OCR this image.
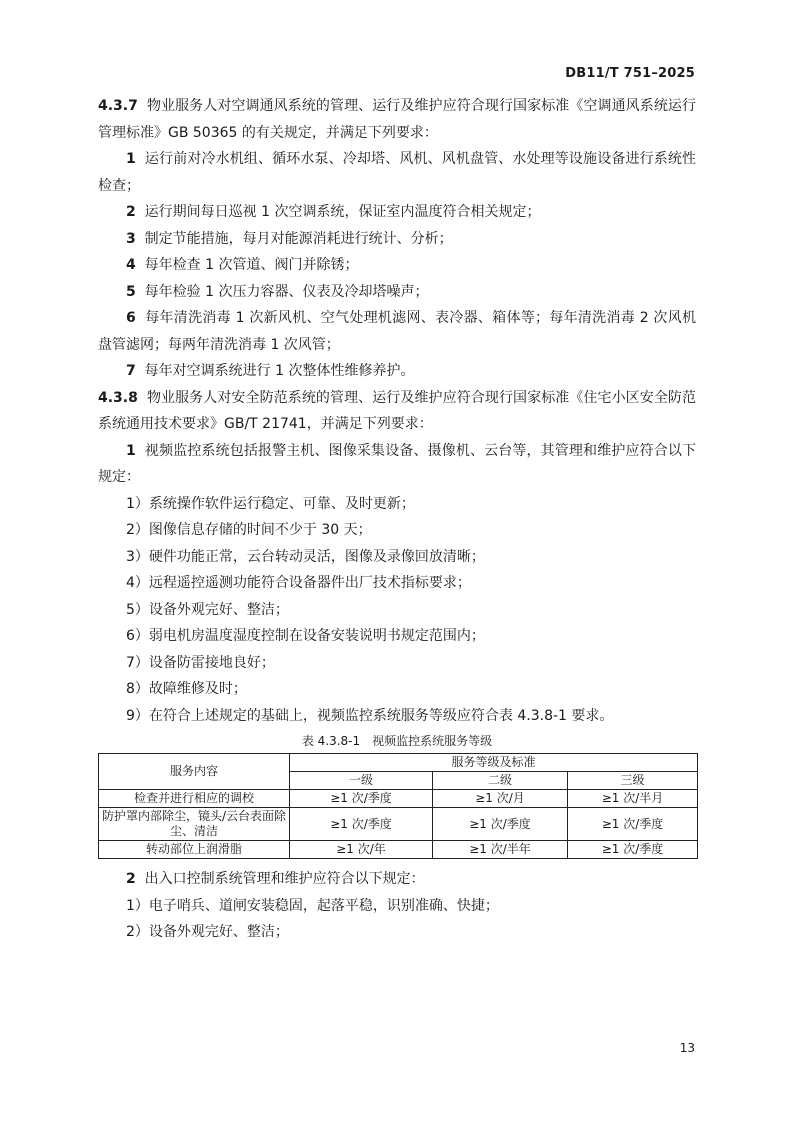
DB11/T 751–2025

4.3.7 物业服务人对空调通风系统的管理、运行及维护应符合现行国家标准《空调通风系统运行管理标准》GB 50365 的有关规定，并满足下列要求：

1 运行前对冷水机组、循环水泵、冷却塔、风机、风机盘管、水处理等设施设备进行系统性检查；

2 运行期间每日巡视 1 次空调系统，保证室内温度符合相关规定；

3 制定节能措施，每月对能源消耗进行统计、分析；

4 每年检查 1 次管道、阀门并除锈；

5 每年检验 1 次压力容器、仪表及冷却塔噪声；

6 每年清洗消毒 1 次新风机、空气处理机滤网、表冷器、箱体等；每年清洗消毒 2 次风机盘管滤网；每两年清洗消毒 1 次风管；

7 每年对空调系统进行 1 次整体性维修养护。

4.3.8 物业服务人对安全防范系统的管理、运行及维护应符合现行国家标准《住宅小区安全防范系统通用技术要求》GB/T 21741，并满足下列要求：

1 视频监控系统包括报警主机、图像采集设备、摄像机、云台等，其管理和维护应符合以下规定：

1）系统操作软件运行稳定、可靠、及时更新；

2）图像信息存储的时间不少于 30 天；

3）硬件功能正常，云台转动灵活，图像及录像回放清晰；

4）远程遥控遥测功能符合设备器件出厂技术指标要求；

5）设备外观完好、整洁；

6）弱电机房温度湿度控制在设备安装说明书规定范围内；

7）设备防雷接地良好；

8）故障维修及时；

9）在符合上述规定的基础上，视频监控系统服务等级应符合表 4.3.8-1 要求。

表 4.3.8-1　视频监控系统服务等级
服务内容	服务等级及标准		
	一级	二级	三级
检查并进行相应的调校	≥1 次/季度	≥1 次/月	≥1 次/半月
防护罩内部除尘，镜头/云台表面除尘、清洁	≥1 次/季度	≥1 次/季度	≥1 次/季度
转动部位上润滑脂	≥1 次/年	≥1 次/半年	≥1 次/季度

2 出入口控制系统管理和维护应符合以下规定：

1）电子哨兵、道闸安装稳固，起落平稳，识别准确、快捷；

2）设备外观完好、整洁；

13
